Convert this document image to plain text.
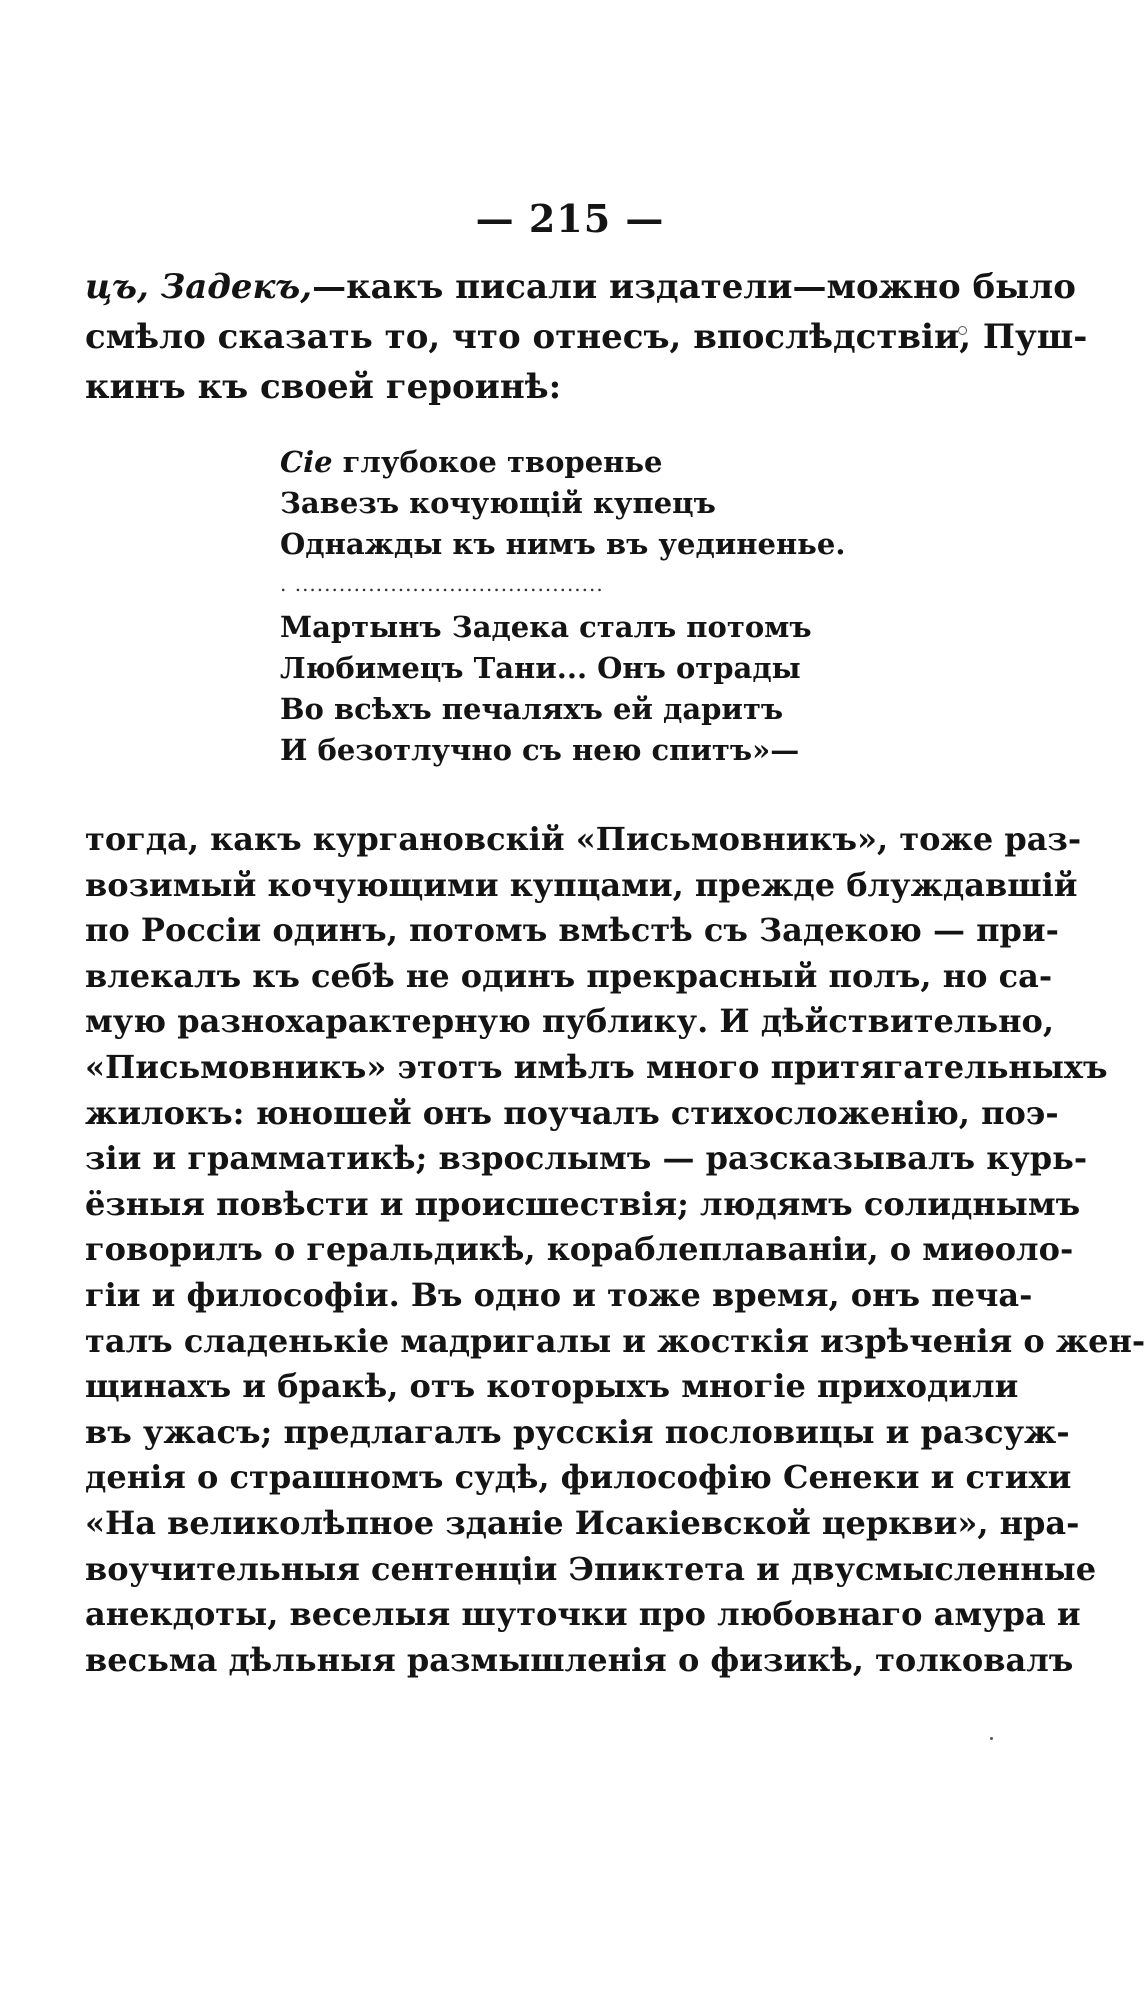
— 215 —
цъ, Задекъ,—какъ писали издатели—можно было
смѣло сказать то, что отнесъ, впослѣдствіи, Пуш-
кинъ къ своей героинѣ:
Сіе глубокое творенье
Завезъ кочующій купецъ
Однажды къ нимъ въ уединенье.
. ..........................................
Мартынъ Задека сталъ потомъ
Любимецъ Тани... Онъ отрады
Во всѣхъ печаляхъ ей даритъ
И безотлучно съ нею спитъ»—
тогда, какъ кургановскій «Письмовникъ», тоже раз-
возимый кочующими купцами, прежде блуждавшій
по Россіи одинъ, потомъ вмѣстѣ съ Задекою — при-
влекалъ къ себѣ не одинъ прекрасный полъ, но са-
мую разнохарактерную публику. И дѣйствительно,
«Письмовникъ» этотъ имѣлъ много притягательныхъ
жилокъ: юношей онъ поучалъ стихосложенію, поэ-
зіи и грамматикѣ; взрослымъ — разсказывалъ курь-
ёзныя повѣсти и происшествія; людямъ солиднымъ
говорилъ о геральдикѣ, кораблеплаваніи, о миѳоло-
гіи и философіи. Въ одно и тоже время, онъ печа-
талъ сладенькіе мадригалы и жосткія изрѣченія о жен-
щинахъ и бракѣ, отъ которыхъ многіе приходили
въ ужасъ; предлагалъ русскія пословицы и разсуж-
денія о страшномъ судѣ, философію Сенеки и стихи
«На великолѣпное зданіе Исакіевской церкви», нра-
воучительныя сентенціи Эпиктета и двусмысленные
анекдоты, веселыя шуточки про любовнаго амура и
весьма дѣльныя размышленія о физикѣ, толковалъ
